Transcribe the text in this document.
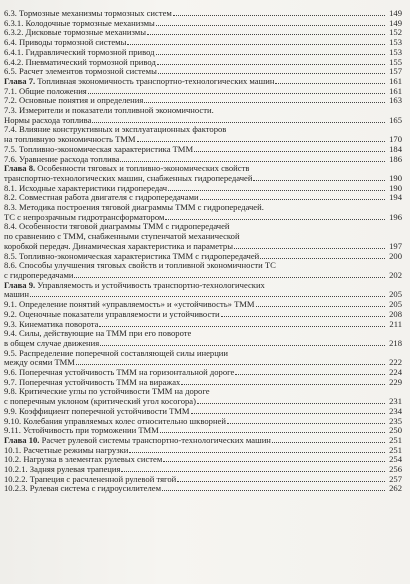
6.3. Тормозные механизмы тормозных систем	149
6.3.1. Колодочные тормозные механизмы	149
6.3.2. Дисковые тормозные механизмы	152
6.4. Приводы тормозной системы	153
6.4.1. Гидравлический тормозной привод	153
6.4.2. Пневматический тормозной привод	155
6.5. Расчет элементов тормозной системы	157
Глава 7. Топливная экономичность транспортно-технологических машин	161
7.1. Общие положения	161
7.2. Основные понятия и определения	163
7.3. Измерители и показатели топливной экономичности.
Нормы расхода топлива	165
7.4. Влияние конструктивных и эксплуатационных факторов
на топливную экономичность ТММ	170
7.5. Топливно-экономическая характеристика ТММ	184
7.6. Уравнение расхода топлива	186
Глава 8. Особенности тяговых и топливно-экономических свойств
транспортно-технологических машин, снабженных гидропередачей	190
8.1. Исходные характеристики гидропередач	190
8.2. Совместная работа двигателя с гидропередачами	194
8.3. Методика построения тяговой диаграммы ТММ с гидропередачей.
ТС с непрозрачным гидротрансформатором	196
8.4. Особенности тяговой диаграммы ТММ с гидропередачей
по сравнению с ТММ, снабженными ступенчатой механической
коробкой передач. Динамическая характеристика и параметры	197
8.5. Топливно-экономическая характеристика ТММ с гидропередачей	200
8.6. Способы улучшения тяговых свойств и топливной экономичности ТС
с гидропередачами	202
Глава 9. Управляемость и устойчивость транспортно-технологических
машин	205
9.1. Определение понятий «управляемость» и «устойчивость» ТММ	205
9.2. Оценочные показатели управляемости и устойчивости	208
9.3. Кинематика поворота	211
9.4. Силы, действующие на ТММ при его повороте
в общем случае движения	218
9.5. Распределение поперечной составляющей силы инерции
между осями ТММ	222
9.6. Поперечная устойчивость ТММ на горизонтальной дороге	224
9.7. Поперечная устойчивость ТММ на виражах	229
9.8. Критические углы по устойчивости ТММ на дороге
с поперечным уклоном (критический угол косогора)	231
9.9. Коэффициент поперечной устойчивости ТММ	234
9.10. Колебания управляемых колес относительно шкворней	235
9.11. Устойчивость при торможении ТММ	250
Глава 10. Расчет рулевой системы транспортно-технологических машин	251
10.1. Расчетные режимы нагрузки	251
10.2. Нагрузка в элементах рулевых систем	254
10.2.1. Задняя рулевая трапеция	256
10.2.2. Трапеция с расчлененной рулевой тягой	257
10.2.3. Рулевая система с гидроусилителем	262
